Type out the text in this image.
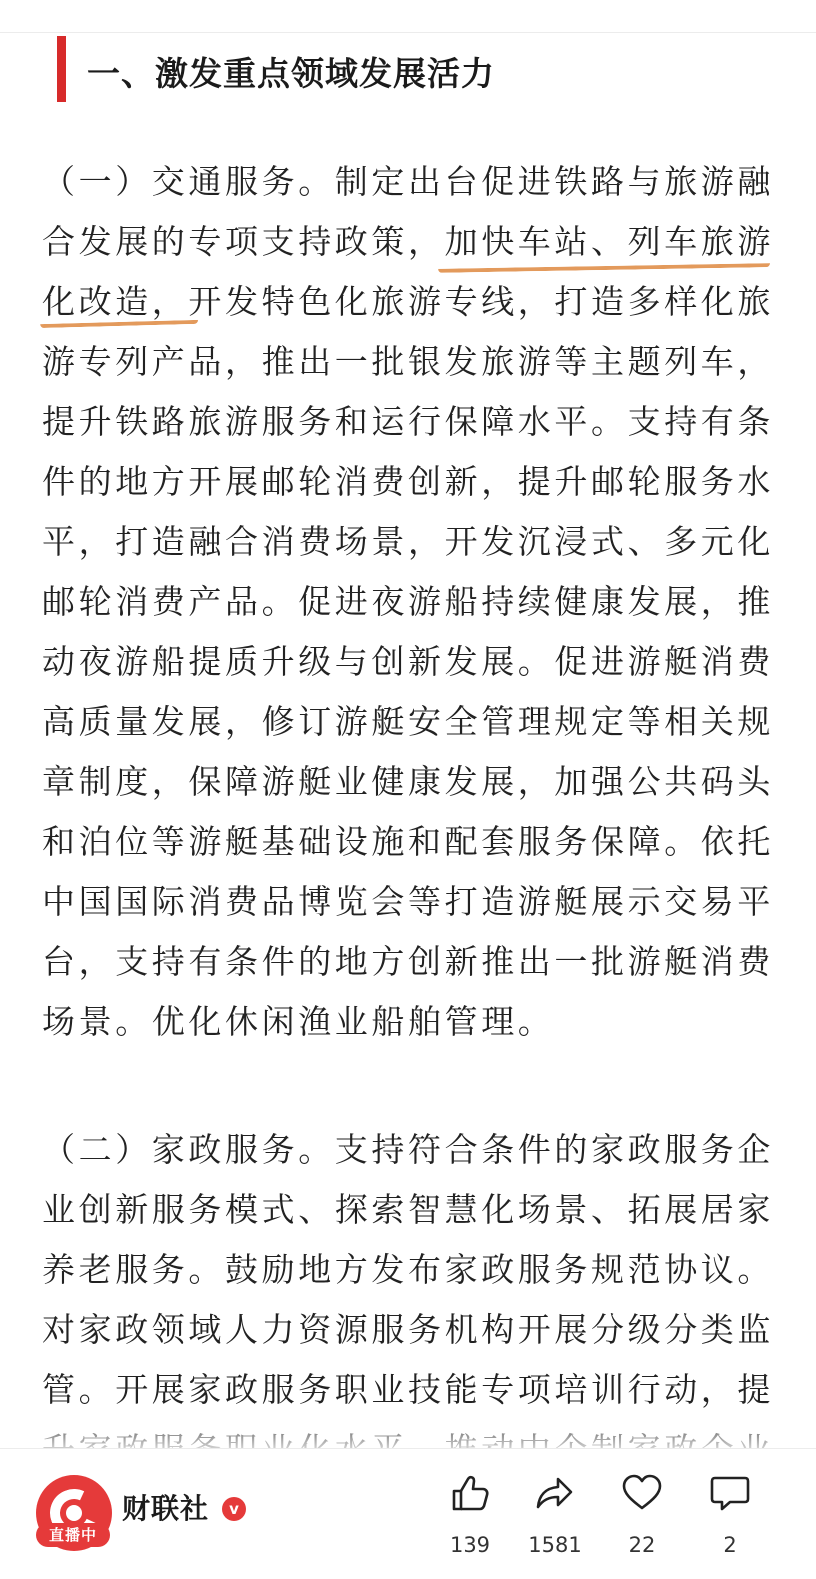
一、激发重点领域发展活力
（一）交通服务。制定出台促进铁路与旅游融
合发展的专项支持政策，加快车站、列车旅游
化改造，开发特色化旅游专线，打造多样化旅
游专列产品，推出一批银发旅游等主题列车，
提升铁路旅游服务和运行保障水平。支持有条
件的地方开展邮轮消费创新，提升邮轮服务水
平，打造融合消费场景，开发沉浸式、多元化
邮轮消费产品。促进夜游船持续健康发展，推
动夜游船提质升级与创新发展。促进游艇消费
高质量发展，修订游艇安全管理规定等相关规
章制度，保障游艇业健康发展，加强公共码头
和泊位等游艇基础设施和配套服务保障。依托
中国国际消费品博览会等打造游艇展示交易平
台，支持有条件的地方创新推出一批游艇消费
场景。优化休闲渔业船舶管理。
（二）家政服务。支持符合条件的家政服务企
业创新服务模式、探索智慧化场景、拓展居家
养老服务。鼓励地方发布家政服务规范协议。
对家政领域人力资源服务机构开展分级分类监
管。开展家政服务职业技能专项培训行动，提
直播中
财联社	v
139	1581	22	2
